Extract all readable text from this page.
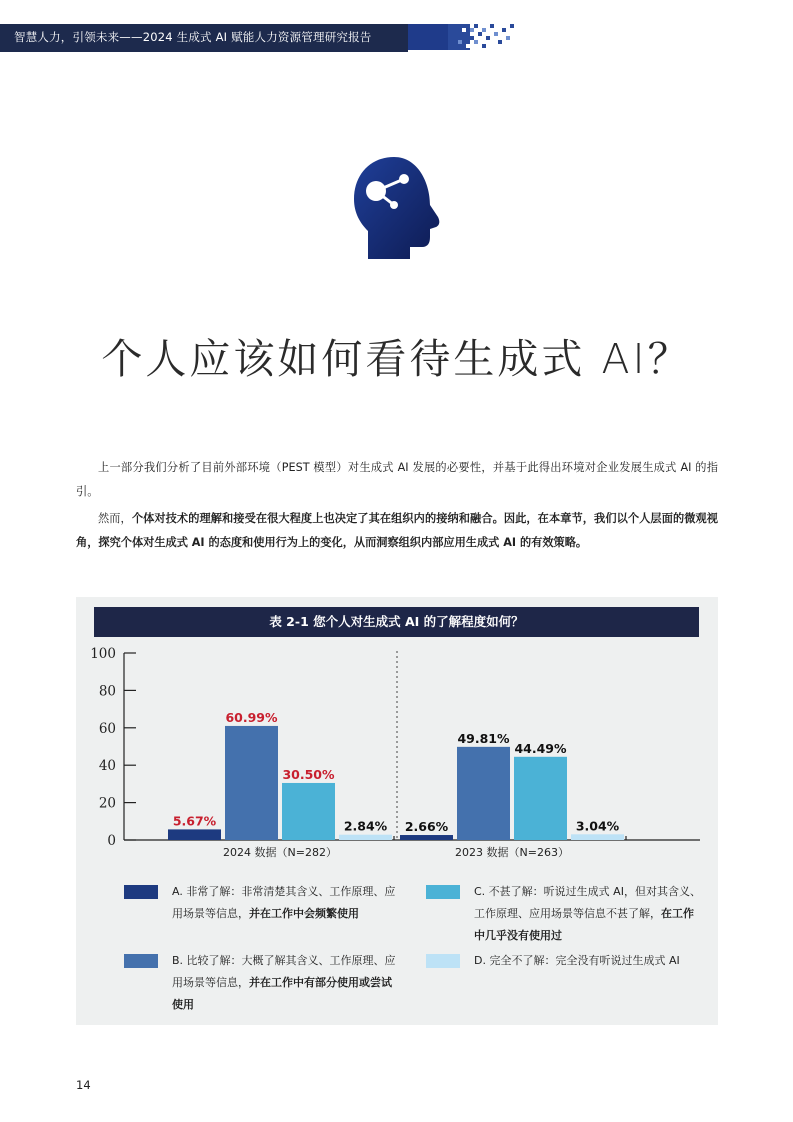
智慧人力，引领未来——2024 生成式 AI 赋能人力资源管理研究报告
个人应该如何看待生成式 AI？

上一部分我们分析了目前外部环境（PEST 模型）对生成式 AI 发展的必要性，并基于此得出环境对企业发展生成式 AI 的指引。

然而，个体对技术的理解和接受在很大程度上也决定了其在组织内的接纳和融合。因此，在本章节，我们以个人层面的微观视角，探究个体对生成式 AI 的态度和使用行为上的变化，从而洞察组织内部应用生成式 AI 的有效策略。

表 2-1 您个人对生成式 AI 的了解程度如何？
0
20
40
60
80
100
5.67%
60.99%
30.50%
2.84%
2024 数据（N=282）
2.66%
49.81%
44.49%
3.04%
2023 数据（N=263）
A. 非常了解：非常清楚其含义、工作原理、应用场景等信息，并在工作中会频繁使用
C. 不甚了解：听说过生成式 AI，但对其含义、工作原理、应用场景等信息不甚了解，在工作中几乎没有使用过
B. 比较了解：大概了解其含义、工作原理、应用场景等信息，并在工作中有部分使用或尝试使用
D. 完全不了解：完全没有听说过生成式 AI
14
